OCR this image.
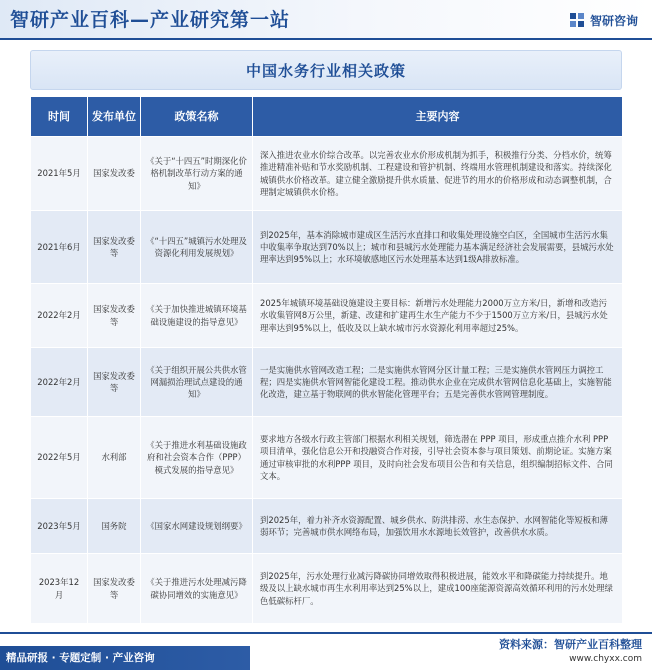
智研产业百科—产业研究第一站	智研咨询
中国水务行业相关政策
时间	发布单位	政策名称	主要内容
2021年5月	国家发改委	《关于“十四五”时期深化价格机制改革行动方案的通知》	深入推进农业水价综合改革。以完善农业水价形成机制为抓手，积极推行分类、分档水价，统筹推进精准补贴和节水奖励机制、工程建设和管护机制、终端用水管理机制建设和落实。持续深化城镇供水价格改革。建立健全激励提升供水质量、促进节约用水的价格形成和动态调整机制，合理制定城镇供水价格。
2021年6月	国家发改委等	《“十四五”城镇污水处理及资源化利用发展规划》	到2025年，基本消除城市建成区生活污水直排口和收集处理设施空白区，全国城市生活污水集中收集率争取达到70%以上；城市和县城污水处理能力基本满足经济社会发展需要，县城污水处理率达到95%以上；水环境敏感地区污水处理基本达到1级A排放标准。
2022年2月	国家发改委等	《关于加快推进城镇环境基础设施建设的指导意见》	2025年城镇环境基础设施建设主要目标：新增污水处理能力2000万立方米/日，新增和改造污水收集管网8万公里，新建、改建和扩建再生水生产能力不少于1500万立方米/日，县城污水处理率达到95%以上，低收及以上缺水城市污水资源化利用率超过25%。
2022年2月	国家发改委等	《关于组织开展公共供水管网漏损治理试点建设的通知》	一是实施供水管网改造工程；二是实施供水管网分区计量工程；三是实施供水管网压力调控工程；四是实施供水管网智能化建设工程。推动供水企业在完成供水管网信息化基础上，实施智能化改造，建立基于物联网的供水智能化管理平台；五是完善供水管网管理制度。
2022年5月	水利部	《关于推进水利基础设施政府和社会资本合作（PPP）模式发展的指导意见》	要求地方各级水行政主管部门根据水利相关规划，筛选潜在 PPP 项目，形成重点推介水利 PPP 项目清单，强化信息公开和投融资合作对接，引导社会资本参与项目策划、前期论证。实施方案通过审核审批的水利PPP 项目，及时向社会发布项目公告和有关信息，组织编制招标文件、合同文本。
2023年5月	国务院	《国家水网建设规划纲要》	到2025年，着力补齐水资源配置、城乡供水、防洪排涝、水生态保护、水网智能化等短板和薄弱环节；完善城市供水网络布局，加强饮用水水源地长效管护，改善供水水质。
2023年12月	国家发改委等	《关于推进污水处理减污降碳协同增效的实施意见》	到2025年，污水处理行业减污降碳协同增效取得积极进展，能效水平和降碳能力持续提升。地级及以上缺水城市再生水利用率达到25%以上，建成100座能源资源高效循环利用的污水处理绿色低碳标杆厂。
精品研报 · 专题定制 · 产业咨询
资料来源：智研产业百科整理
www.chyxx.com
